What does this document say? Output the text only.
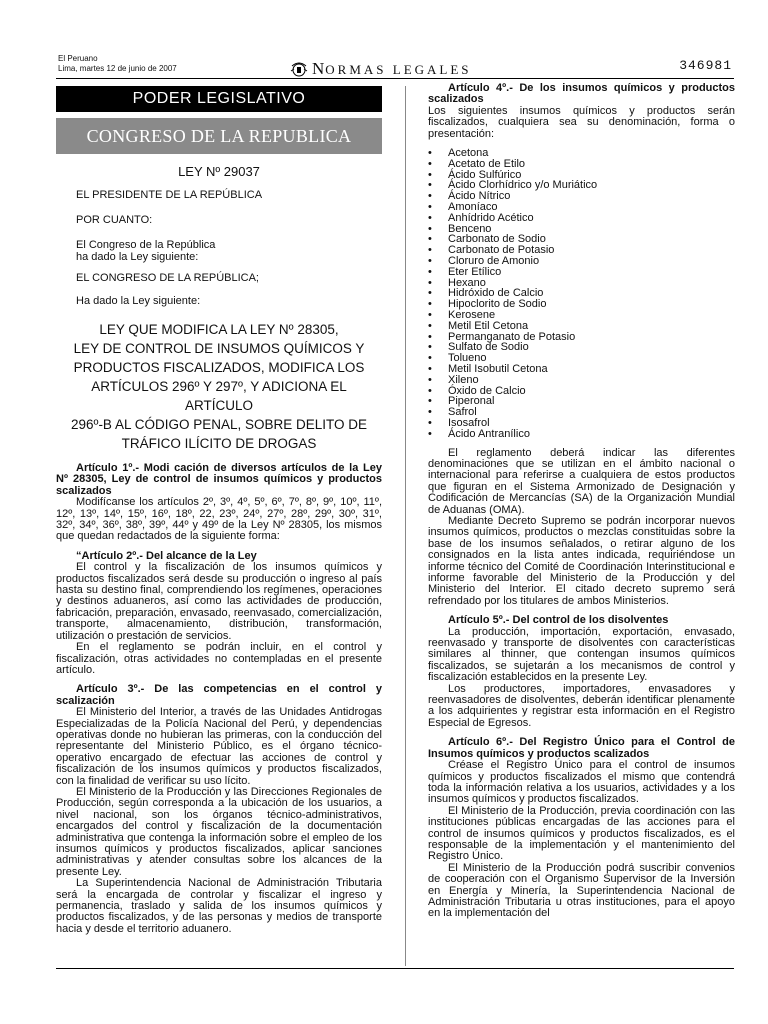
El Peruano
Lima, martes 12 de junio de 2007	NORMAS LEGALES	346981
PODER LEGISLATIVO
CONGRESO DE LA REPUBLICA
LEY Nº 29037

EL PRESIDENTE DE LA REPÚBLICA

POR CUANTO:

El Congreso de la República
ha dado la Ley siguiente:

EL CONGRESO DE LA REPÚBLICA;

Ha dado la Ley siguiente:

LEY QUE MODIFICA LA LEY Nº 28305,
LEY DE CONTROL DE INSUMOS QUÍMICOS Y
PRODUCTOS FISCALIZADOS, MODIFICA LOS
ARTÍCULOS 296º Y 297º, Y ADICIONA EL ARTÍCULO
296º-B AL CÓDIGO PENAL, SOBRE DELITO DE
TRÁFICO ILÍCITO DE DROGAS

Artículo 1º.- Modi cación de diversos artículos de la Ley Nº 28305, Ley de control de insumos químicos y productos scalizados

Modifícanse los artículos 2º, 3º, 4º, 5º, 6º, 7º, 8º, 9º, 10º, 11º, 12º, 13º, 14º, 15º, 16º, 18º, 22, 23º, 24º, 27º, 28º, 29º, 30º, 31º, 32º, 34º, 36º, 38º, 39º, 44º y 49º de la Ley Nº 28305, los mismos que quedan redactados de la siguiente forma:

“Artículo 2º.- Del alcance de la Ley

El control y la fiscalización de los insumos químicos y productos fiscalizados será desde su producción o ingreso al país hasta su destino final, comprendiendo los regímenes, operaciones y destinos aduaneros, así como las actividades de producción, fabricación, preparación, envasado, reenvasado, comercialización, transporte, almacenamiento, distribución, transformación, utilización o prestación de servicios.

En el reglamento se podrán incluir, en el control y fiscalización, otras actividades no contempladas en el presente artículo.

Artículo 3º.- De las competencias en el control y scalización

El Ministerio del Interior, a través de las Unidades Antidrogas Especializadas de la Policía Nacional del Perú, y dependencias operativas donde no hubieran las primeras, con la conducción del representante del Ministerio Público, es el órgano técnico-operativo encargado de efectuar las acciones de control y fiscalización de los insumos químicos y productos fiscalizados, con la finalidad de verificar su uso lícito.

El Ministerio de la Producción y las Direcciones Regionales de Producción, según corresponda a la ubicación de los usuarios, a nivel nacional, son los órganos técnico-administrativos, encargados del control y fiscalización de la documentación administrativa que contenga la información sobre el empleo de los insumos químicos y productos fiscalizados, aplicar sanciones administrativas y atender consultas sobre los alcances de la presente Ley.

La Superintendencia Nacional de Administración Tributaria será la encargada de controlar y fiscalizar el ingreso y permanencia, traslado y salida de los insumos químicos y productos fiscalizados, y de las personas y medios de transporte hacia y desde el territorio aduanero.

Artículo 4º.- De los insumos químicos y productos scalizados

Los siguientes insumos químicos y productos serán fiscalizados, cualquiera sea su denominación, forma o presentación:

• Acetona
• Acetato de Etilo
• Ácido Sulfúrico
• Ácido Clorhídrico y/o Muriático
• Ácido Nítrico
• Amoníaco
• Anhídrido Acético
• Benceno
• Carbonato de Sodio
• Carbonato de Potasio
• Cloruro de Amonio
• Eter Etílico
• Hexano
• Hidróxido de Calcio
• Hipoclorito de Sodio
• Kerosene
• Metil Etil Cetona
• Permanganato de Potasio
• Sulfato de Sodio
• Tolueno
• Metil Isobutil Cetona
• Xileno
• Óxido de Calcio
• Piperonal
• Safrol
• Isosafrol
• Ácido Antranílico

El reglamento deberá indicar las diferentes denominaciones que se utilizan en el ámbito nacional o internacional para referirse a cualquiera de estos productos que figuran en el Sistema Armonizado de Designación y Codificación de Mercancías (SA) de la Organización Mundial de Aduanas (OMA).

Mediante Decreto Supremo se podrán incorporar nuevos insumos químicos, productos o mezclas constituidas sobre la base de los insumos señalados, o retirar alguno de los consignados en la lista antes indicada, requiriéndose un informe técnico del Comité de Coordinación Interinstitucional e informe favorable del Ministerio de la Producción y del Ministerio del Interior. El citado decreto supremo será refrendado por los titulares de ambos Ministerios.

Artículo 5º.- Del control de los disolventes

La producción, importación, exportación, envasado, reenvasado y transporte de disolventes con características similares al thinner, que contengan insumos químicos fiscalizados, se sujetarán a los mecanismos de control y fiscalización establecidos en la presente Ley.

Los productores, importadores, envasadores y reenvasadores de disolventes, deberán identificar plenamente a los adquirientes y registrar esta información en el Registro Especial de Egresos.

Artículo 6º.- Del Registro Único para el Control de Insumos químicos y productos scalizados

Créase el Registro Único para el control de insumos químicos y productos fiscalizados el mismo que contendrá toda la información relativa a los usuarios, actividades y a los insumos químicos y productos fiscalizados.

El Ministerio de la Producción, previa coordinación con las instituciones públicas encargadas de las acciones para el control de insumos químicos y productos fiscalizados, es el responsable de la implementación y el mantenimiento del Registro Único.

El Ministerio de la Producción podrá suscribir convenios de cooperación con el Organismo Supervisor de la Inversión en Energía y Minería, la Superintendencia Nacional de Administración Tributaria u otras instituciones, para el apoyo en la implementación del
